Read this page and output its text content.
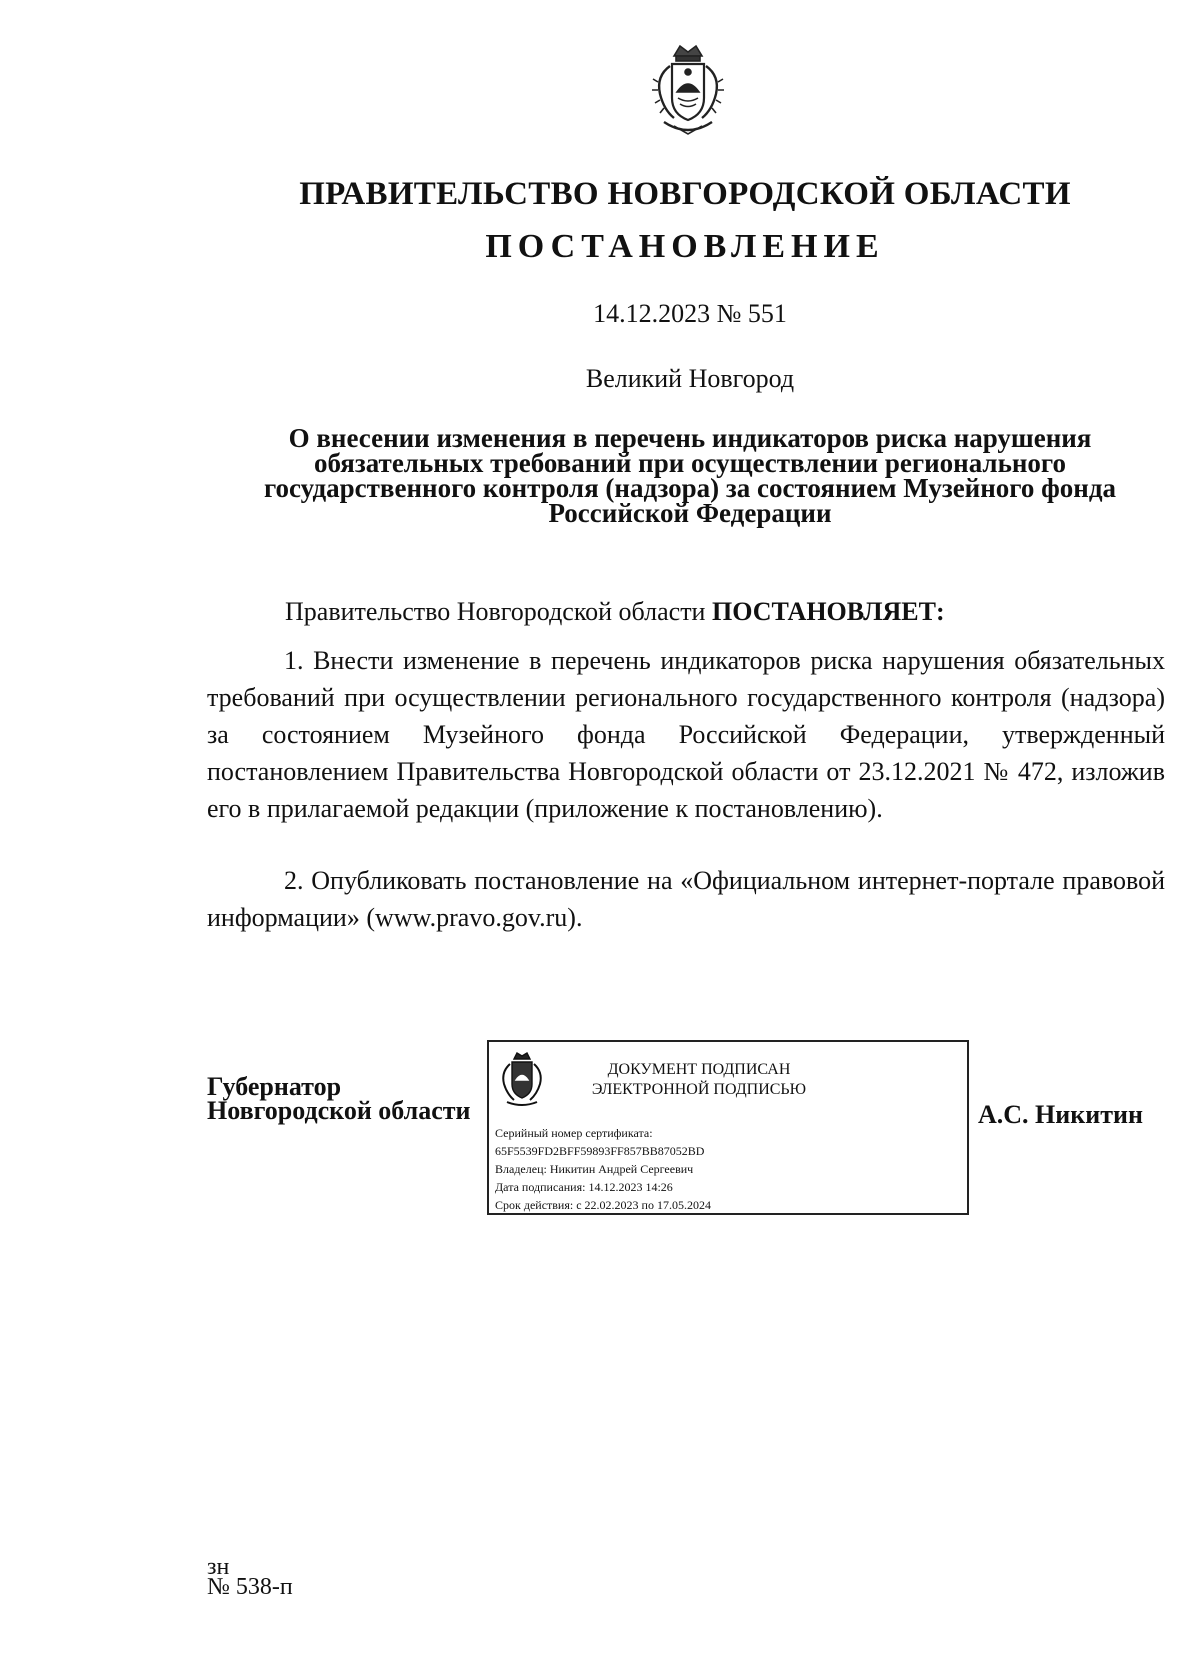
ПРАВИТЕЛЬСТВО НОВГОРОДСКОЙ ОБЛАСТИ
ПОСТАНОВЛЕНИЕ

14.12.2023 № 551

Великий Новгород

О внесении изменения в перечень индикаторов риска нарушения обязательных требований при осуществлении регионального государственного контроля (надзора) за состоянием Музейного фонда Российской Федерации

Правительство Новгородской области ПОСТАНОВЛЯЕТ:

1. Внести изменение в перечень индикаторов риска нарушения обязательных требований при осуществлении регионального государственного контроля (надзора) за состоянием Музейного фонда Российской Федерации, утвержденный постановлением Правительства Новгородской области от 23.12.2021 № 472, изложив его в прилагаемой редакции (приложение к постановлению).

2. Опубликовать постановление на «Официальном интернет-портале правовой информации» (www.pravo.gov.ru).

Губернатор
Новгородской области
ДОКУМЕНТ ПОДПИСАН
ЭЛЕКТРОННОЙ ПОДПИСЬЮ
Серийный номер сертификата:
65F5539FD2BFF59893FF857BB87052BD
Владелец: Никитин Андрей Сергеевич
Дата подписания: 14.12.2023 14:26
Срок действия: с 22.02.2023 по 17.05.2024

А.С. Никитин

зн
№ 538-п
